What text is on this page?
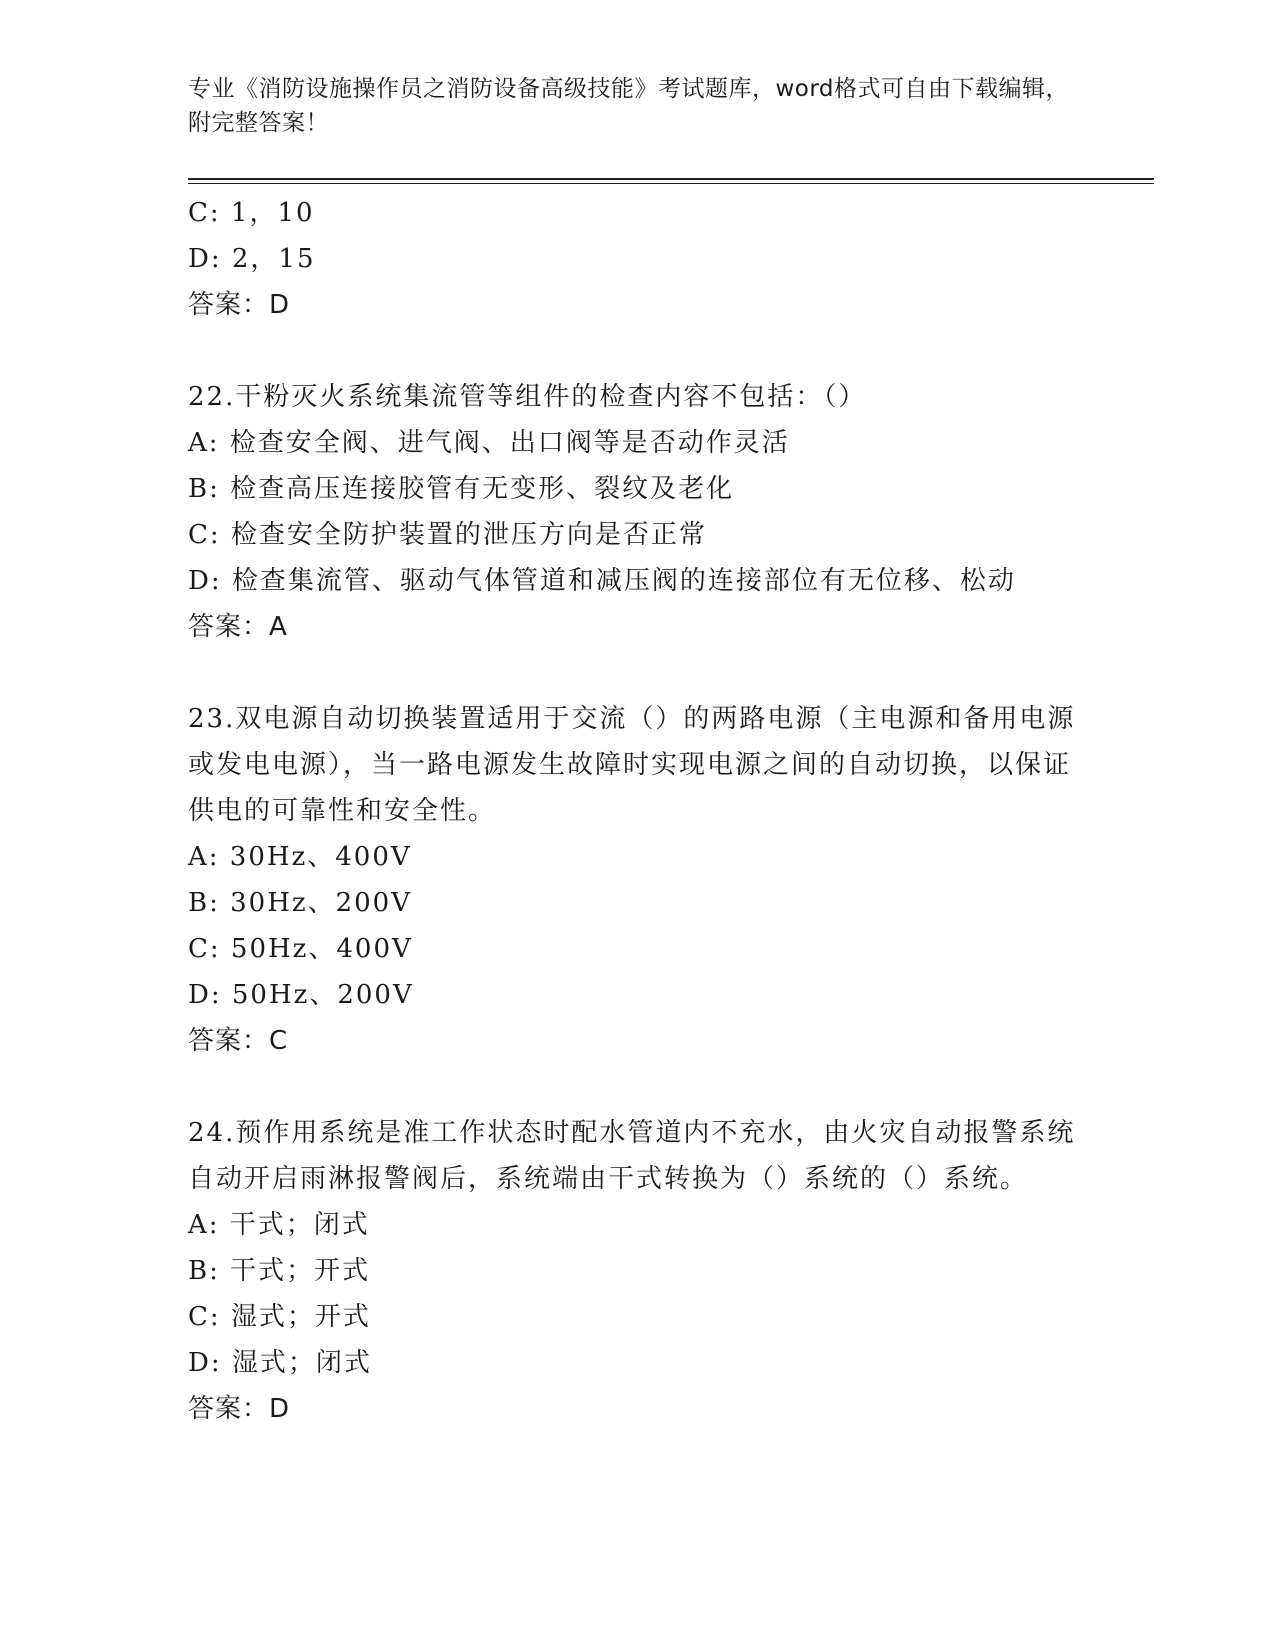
专业《消防设施操作员之消防设备高级技能》考试题库，word格式可自由下载编辑，附完整答案！
C: 1，10
D: 2，15
答案：D
22.干粉灭火系统集流管等组件的检查内容不包括：（）
A: 检查安全阀、进气阀、出口阀等是否动作灵活
B: 检查高压连接胶管有无变形、裂纹及老化
C: 检查安全防护装置的泄压方向是否正常
D: 检查集流管、驱动气体管道和减压阀的连接部位有无位移、松动
答案：A
23.双电源自动切换装置适用于交流（）的两路电源（主电源和备用电源或发电电源），当一路电源发生故障时实现电源之间的自动切换，以保证供电的可靠性和安全性。
A: 30Hz、400V
B: 30Hz、200V
C: 50Hz、400V
D: 50Hz、200V
答案：C
24.预作用系统是准工作状态时配水管道内不充水，由火灾自动报警系统自动开启雨淋报警阀后，系统端由干式转换为（）系统的（）系统。
A: 干式；闭式
B: 干式；开式
C: 湿式；开式
D: 湿式；闭式
答案：D
